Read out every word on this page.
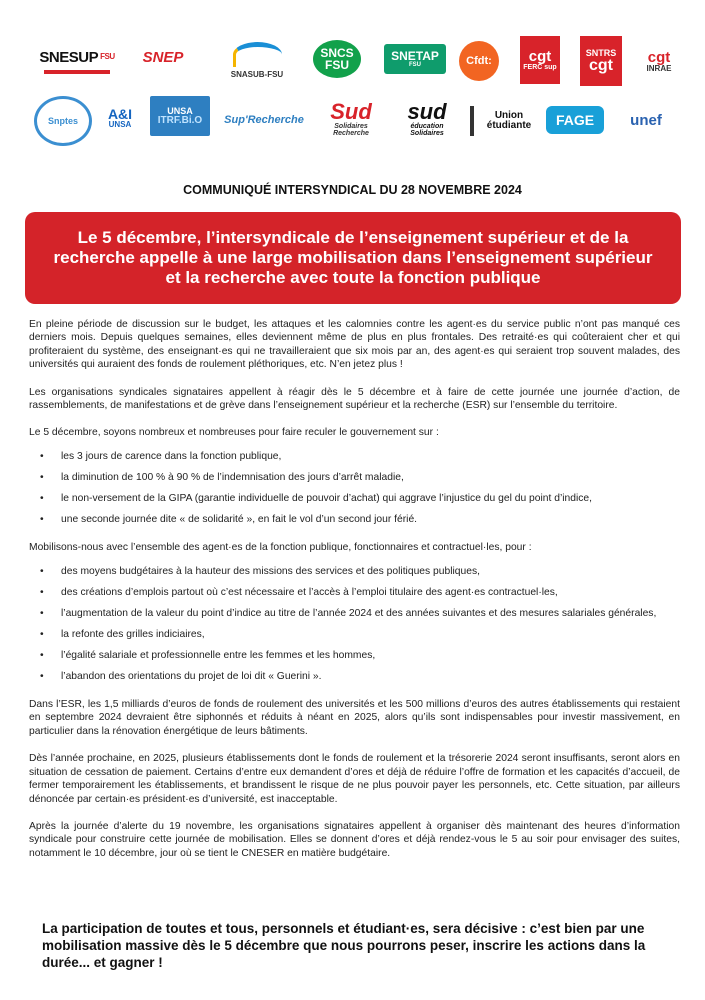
SNESUP FSU SNEP
SNASUB-FSU
SNCS
FSU
SNETAP
FSU	Cfdt: cgt
FERC sup
SNTRS
cgt cgt
INRAE
Snptes A&I
UNSA
UNSA
ITRF.Bi.O Sup'Recherche Sud
Solidaires Recherche
sud
éducation Solidaires
Union étudiante	FAGE unef
COMMUNIQUÉ INTERSYNDICAL DU 28 NOVEMBRE 2024
Le 5 décembre, l’intersyndicale de l’enseignement supérieur et de la recherche appelle à une large mobilisation dans l’enseignement supérieur et la recherche avec toute la fonction publique

En pleine période de discussion sur le budget, les attaques et les calomnies contre les agent·es du service public n’ont pas manqué ces derniers mois. Depuis quelques semaines, elles deviennent même de plus en plus frontales. Des retraité·es qui coûteraient cher et qui profiteraient du système, des enseignant·es qui ne travailleraient que six mois par an, des agent·es qui seraient trop souvent malades, des universités qui auraient des fonds de roulement pléthoriques, etc. N’en jetez plus !

Les organisations syndicales signataires appellent à réagir dès le 5 décembre et à faire de cette journée une journée d’action, de rassemblements, de manifestations et de grève dans l’enseignement supérieur et la recherche (ESR) sur l’ensemble du territoire.

Le 5 décembre, soyons nombreux et nombreuses pour faire reculer le gouvernement sur :

• les 3 jours de carence dans la fonction publique,
• la diminution de 100 % à 90 % de l’indemnisation des jours d’arrêt maladie,
• le non-versement de la GIPA (garantie individuelle de pouvoir d’achat) qui aggrave l’injustice du gel du point d’indice,
• une seconde journée dite « de solidarité », en fait le vol d’un second jour férié.

Mobilisons-nous avec l’ensemble des agent·es de la fonction publique, fonctionnaires et contractuel·les, pour :

• des moyens budgétaires à la hauteur des missions des services et des politiques publiques,
• des créations d’emplois partout où c’est nécessaire et l’accès à l’emploi titulaire des agent·es contractuel·les,
• l’augmentation de la valeur du point d’indice au titre de l’année 2024 et des années suivantes et des mesures salariales générales,
• la refonte des grilles indiciaires,
• l’égalité salariale et professionnelle entre les femmes et les hommes,
• l’abandon des orientations du projet de loi dit « Guerini ».

Dans l’ESR, les 1,5 milliards d’euros de fonds de roulement des universités et les 500 millions d’euros des autres établissements qui restaient en septembre 2024 devraient être siphonnés et réduits à néant en 2025, alors qu’ils sont indispensables pour investir massivement, en particulier dans la rénovation énergétique de leurs bâtiments.

Dès l’année prochaine, en 2025, plusieurs établissements dont le fonds de roulement et la trésorerie 2024 seront insuffisants, seront alors en situation de cessation de paiement. Certains d’entre eux demandent d’ores et déjà de réduire l’offre de formation et les capacités d’accueil, de fermer temporairement les établissements, et brandissent le risque de ne plus pouvoir payer les personnels, etc. Cette situation, par ailleurs dénoncée par certain·es président·es d’université, est inacceptable.

Après la journée d’alerte du 19 novembre, les organisations signataires appellent à organiser dès maintenant des heures d’information syndicale pour construire cette journée de mobilisation. Elles se donnent d’ores et déjà rendez-vous le 5 au soir pour envisager des suites, notamment le 10 décembre, jour où se tient le CNESER en matière budgétaire.

La participation de toutes et tous, personnels et étudiant·es, sera décisive : c’est bien par une mobilisation massive dès le 5 décembre que nous pourrons peser, inscrire les actions dans la durée... et gagner !
